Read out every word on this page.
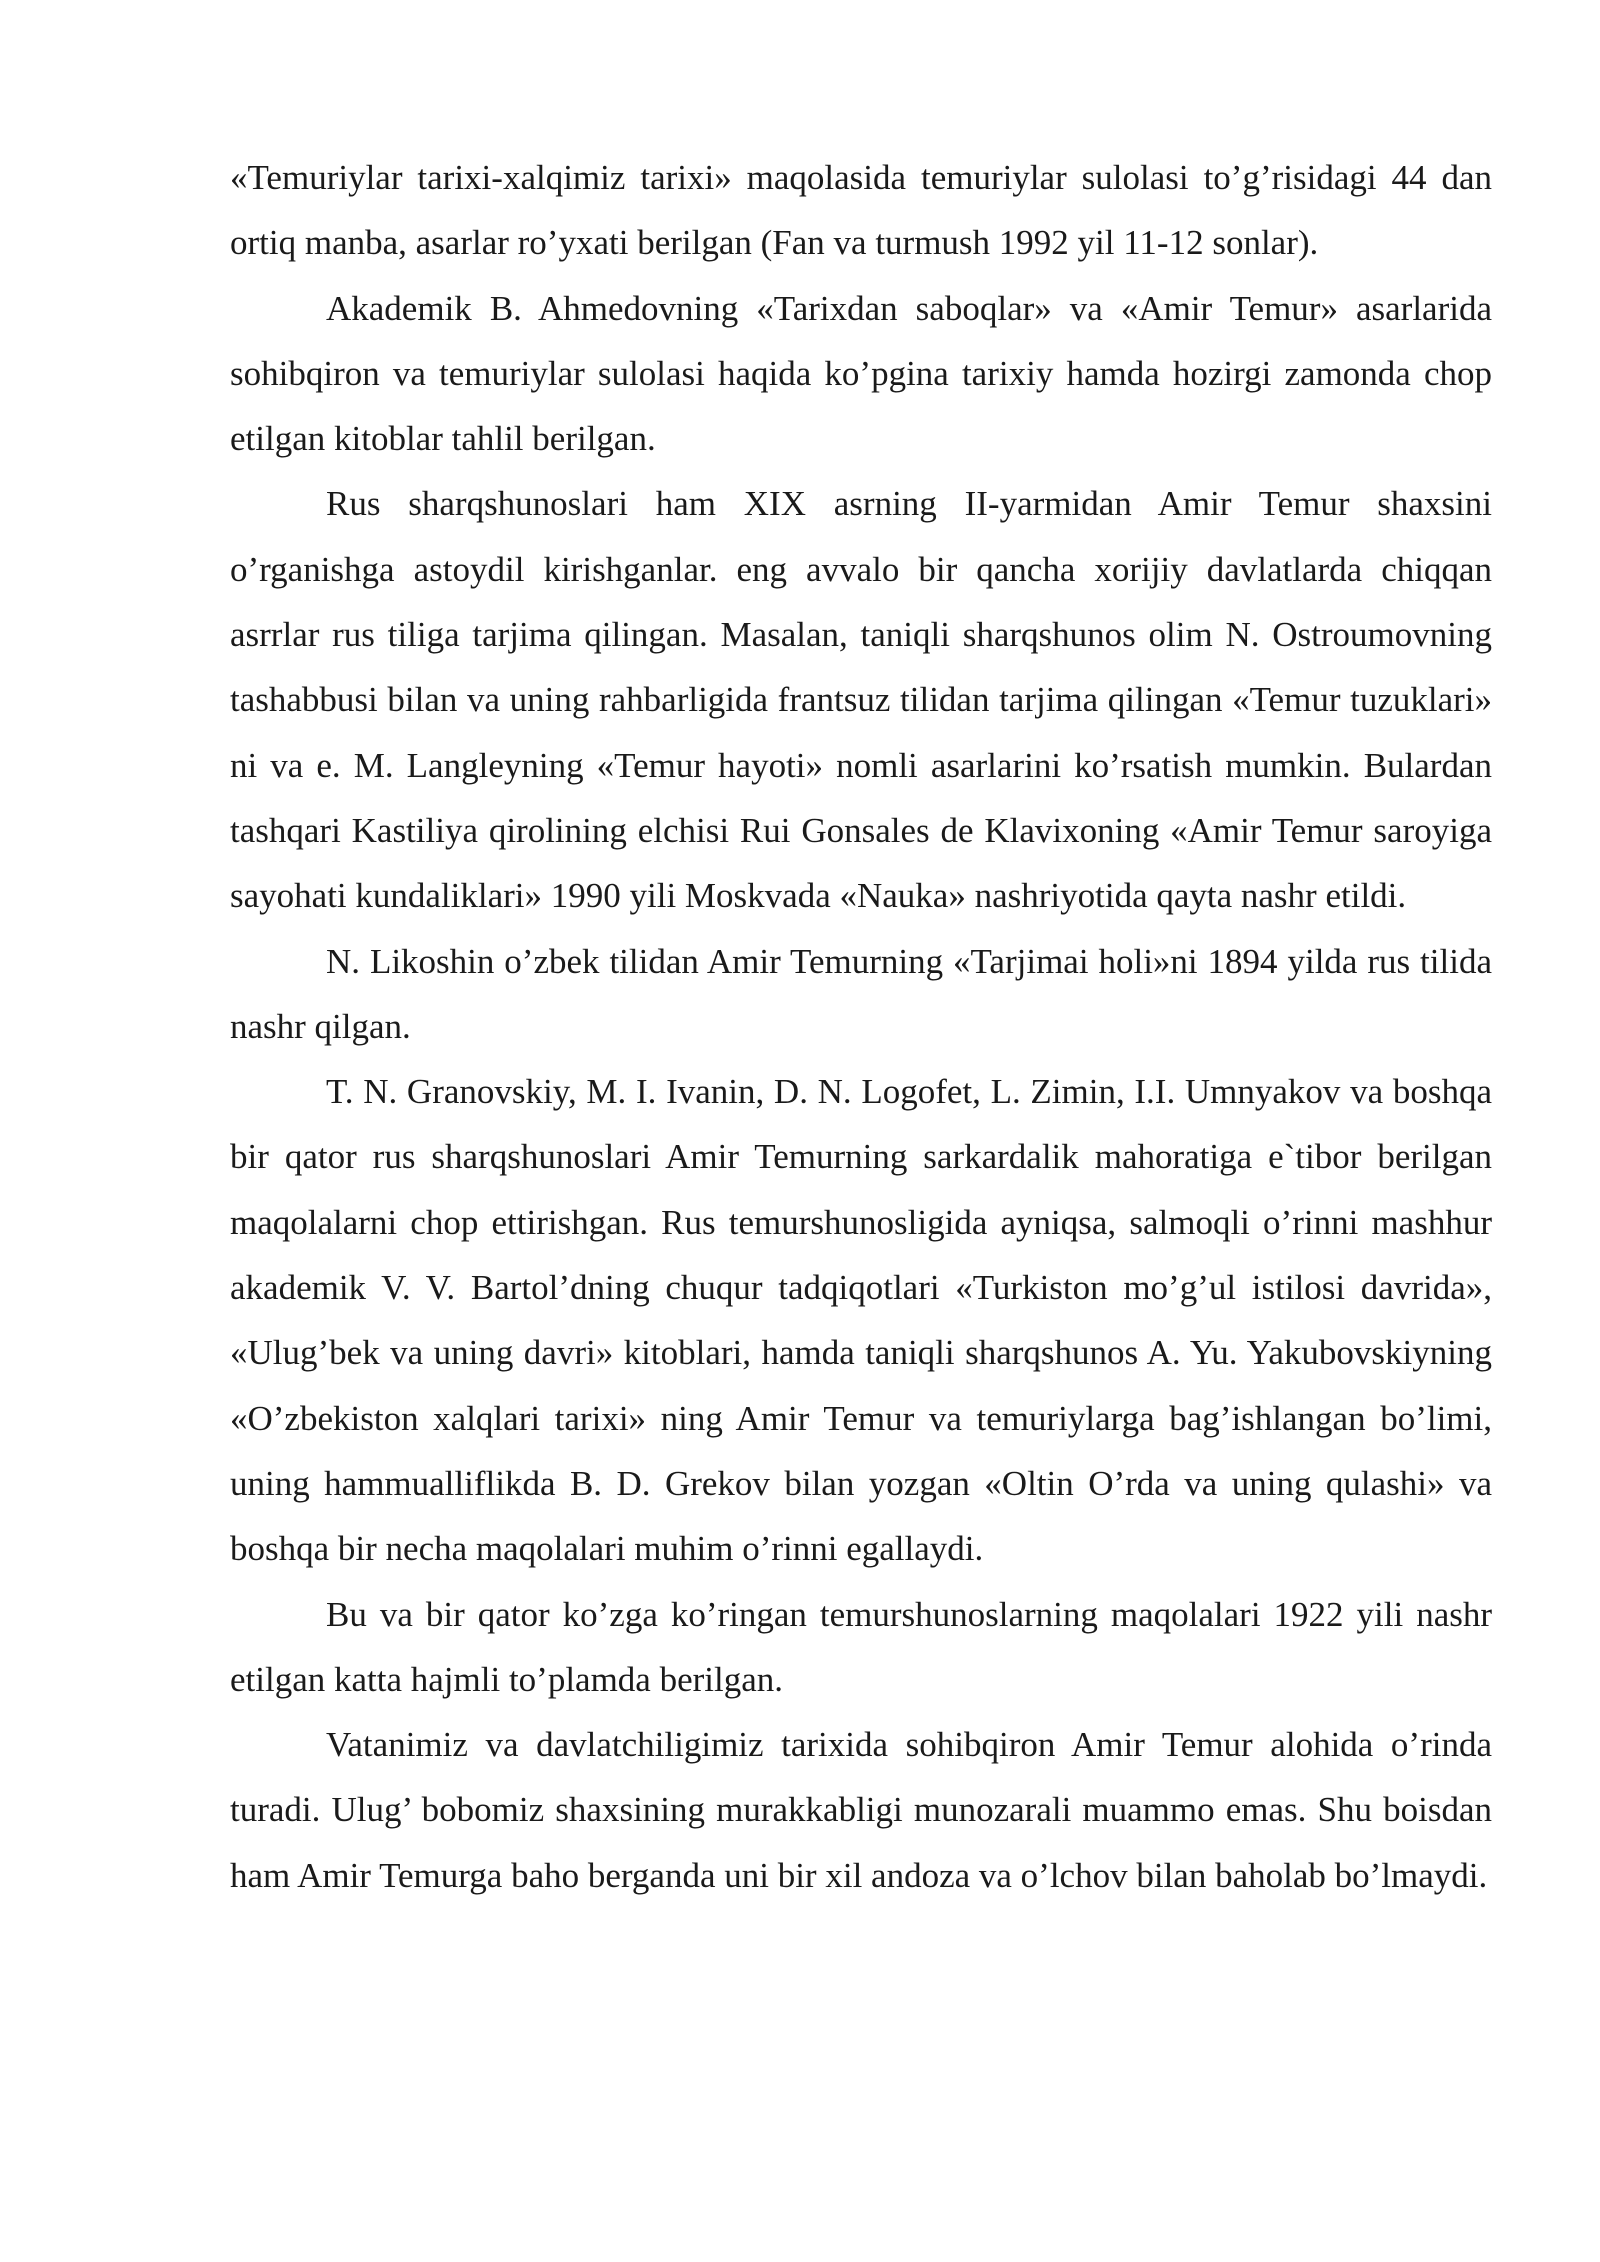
«Temuriylar tarixi-xalqimiz tarixi» maqolasida temuriylar sulolasi to’g’risidagi 44 dan ortiq manba, asarlar ro’yxati berilgan (Fan va turmush 1992 yil 11-12 sonlar).

Akademik B. Ahmedovning «Tarixdan saboqlar» va «Amir Temur» asarlarida sohibqiron va temuriylar sulolasi haqida ko’pgina tarixiy hamda hozirgi zamonda chop etilgan kitoblar tahlil berilgan.

Rus sharqshunoslari ham XIX asrning II-yarmidan Amir Temur shaxsini o’rganishga astoydil kirishganlar. eng avvalo bir qancha xorijiy davlatlarda chiqqan asrrlar rus tiliga tarjima qilingan. Masalan, taniqli sharqshunos olim N. Ostroumovning tashabbusi bilan va uning rahbarligida frantsuz tilidan tarjima qilingan «Temur tuzuklari» ni va e. M. Langleyning «Temur hayoti» nomli asarlarini ko’rsatish mumkin. Bulardan tashqari Kastiliya qirolining elchisi Rui Gonsales de Klavixoning «Amir Temur saroyiga sayohati kundaliklari» 1990 yili Moskvada «Nauka» nashriyotida qayta nashr etildi.

N. Likoshin o’zbek tilidan Amir Temurning «Tarjimai holi»ni 1894 yilda rus tilida nashr qilgan.

T. N. Granovskiy, M. I. Ivanin, D. N. Logofet, L. Zimin, I.I. Umnyakov va boshqa bir qator rus sharqshunoslari Amir Temurning sarkardalik mahoratiga e`tibor berilgan maqolalarni chop ettirishgan. Rus temurshunosligida ayniqsa, salmoqli o’rinni mashhur akademik V. V. Bartol’dning chuqur tadqiqotlari «Turkiston mo’g’ul istilosi davrida», «Ulug’bek va uning davri» kitoblari, hamda taniqli sharqshunos A. Yu. Yakubovskiyning «O’zbekiston xalqlari tarixi» ning Amir Temur va temuriylarga bag’ishlangan bo’limi, uning hammualliflikda B. D. Grekov bilan yozgan «Oltin O’rda va uning qulashi» va boshqa bir necha maqolalari muhim o’rinni egallaydi.

Bu va bir qator ko’zga ko’ringan temurshunoslarning maqolalari 1922 yili nashr etilgan katta hajmli to’plamda berilgan.

Vatanimiz va davlatchiligimiz tarixida sohibqiron Amir Temur alohida o’rinda turadi. Ulug’ bobomiz shaxsining murakkabligi munozarali muammo emas. Shu boisdan ham Amir Temurga baho berganda uni bir xil andoza va o’lchov bilan baholab bo’lmaydi.
